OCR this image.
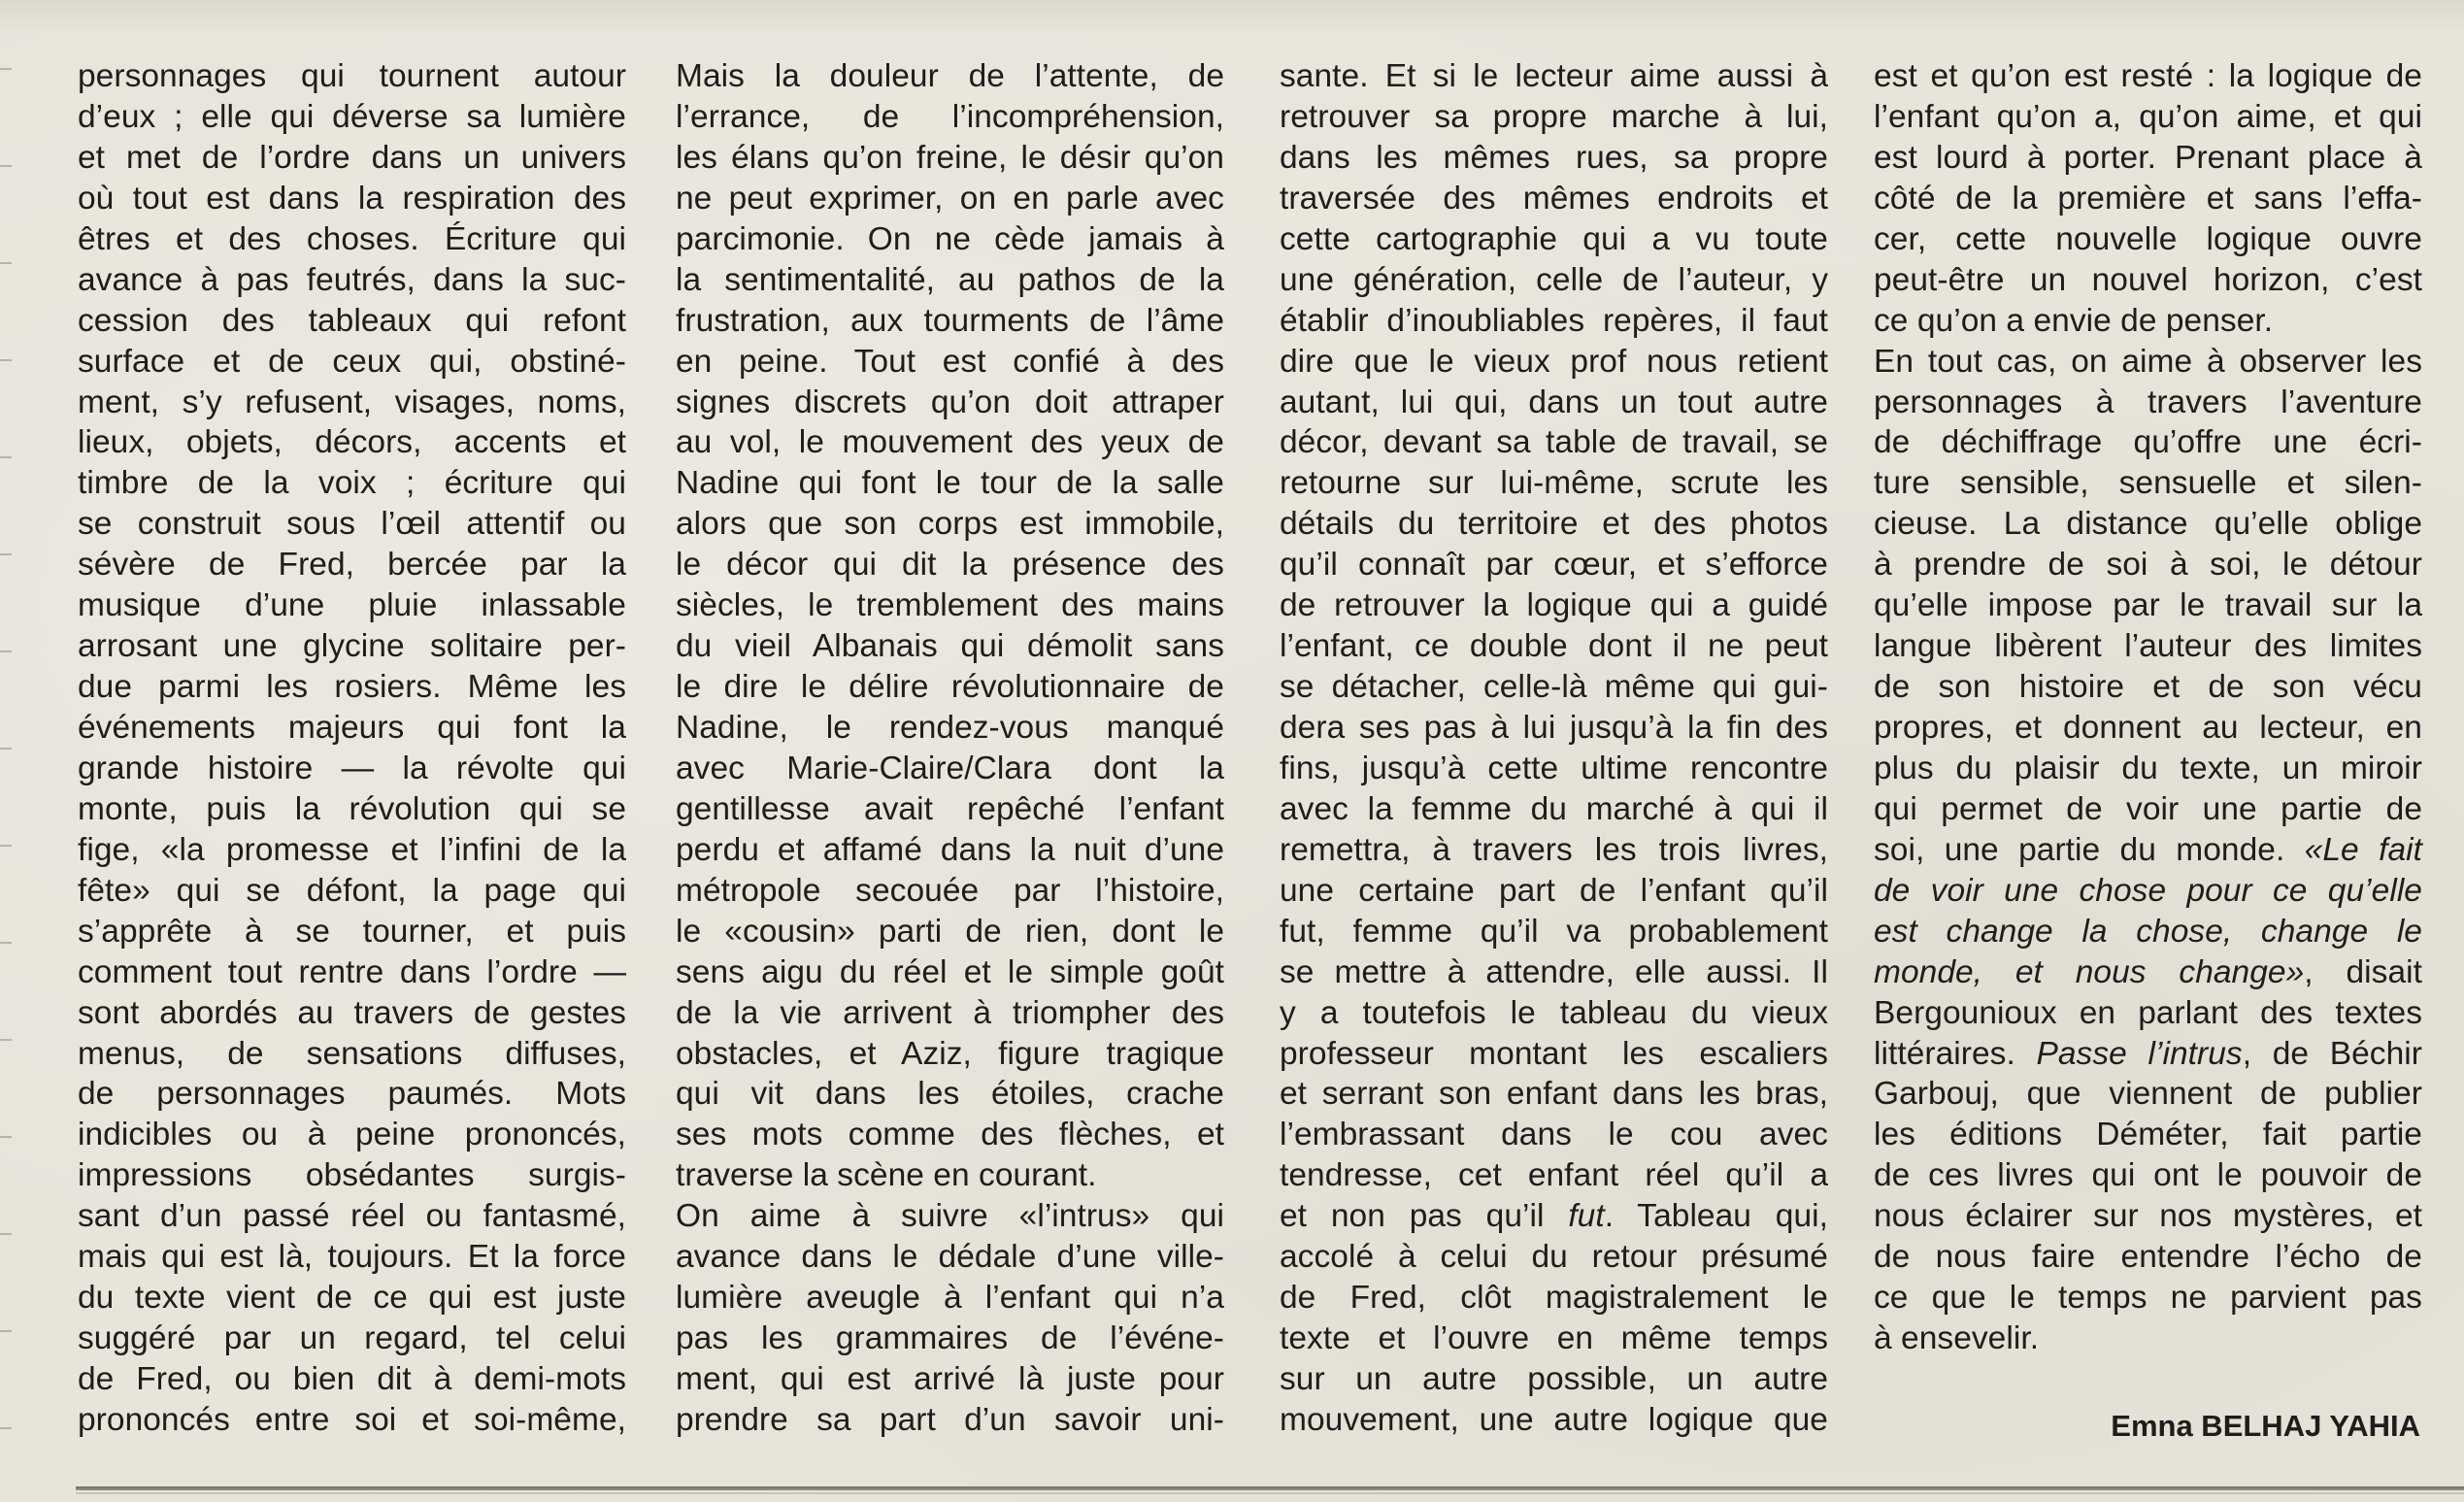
personnages qui tournent autour
d’eux ; elle qui déverse sa lumière
et met de l’ordre dans un univers
où tout est dans la respiration des
êtres et des choses. Écriture qui
avance à pas feutrés, dans la suc-
cession des tableaux qui refont
surface et de ceux qui, obstiné-
ment, s’y refusent, visages, noms,
lieux, objets, décors, accents et
timbre de la voix ; écriture qui
se construit sous l’œil attentif ou
sévère de Fred, bercée par la
musique d’une pluie inlassable
arrosant une glycine solitaire per-
due parmi les rosiers. Même les
événements majeurs qui font la
grande histoire — la révolte qui
monte, puis la révolution qui se
fige, «la promesse et l’infini de la
fête» qui se défont, la page qui
s’apprête à se tourner, et puis
comment tout rentre dans l’ordre —
sont abordés au travers de gestes
menus, de sensations diffuses,
de personnages paumés. Mots
indicibles ou à peine prononcés,
impressions obsédantes surgis-
sant d’un passé réel ou fantasmé,
mais qui est là, toujours. Et la force
du texte vient de ce qui est juste
suggéré par un regard, tel celui
de Fred, ou bien dit à demi-mots
prononcés entre soi et soi-même,
Mais la douleur de l’attente, de
l’errance, de l’incompréhension,
les élans qu’on freine, le désir qu’on
ne peut exprimer, on en parle avec
parcimonie. On ne cède jamais à
la sentimentalité, au pathos de la
frustration, aux tourments de l’âme
en peine. Tout est confié à des
signes discrets qu’on doit attraper
au vol, le mouvement des yeux de
Nadine qui font le tour de la salle
alors que son corps est immobile,
le décor qui dit la présence des
siècles, le tremblement des mains
du vieil Albanais qui démolit sans
le dire le délire révolutionnaire de
Nadine, le rendez-vous manqué
avec Marie-Claire/Clara dont la
gentillesse avait repêché l’enfant
perdu et affamé dans la nuit d’une
métropole secouée par l’histoire,
le «cousin» parti de rien, dont le
sens aigu du réel et le simple goût
de la vie arrivent à triompher des
obstacles, et Aziz, figure tragique
qui vit dans les étoiles, crache
ses mots comme des flèches, et
traverse la scène en courant.
On aime à suivre «l’intrus» qui
avance dans le dédale d’une ville-
lumière aveugle à l’enfant qui n’a
pas les grammaires de l’événe-
ment, qui est arrivé là juste pour
prendre sa part d’un savoir uni-
sante. Et si le lecteur aime aussi à
retrouver sa propre marche à lui,
dans les mêmes rues, sa propre
traversée des mêmes endroits et
cette cartographie qui a vu toute
une génération, celle de l’auteur, y
établir d’inoubliables repères, il faut
dire que le vieux prof nous retient
autant, lui qui, dans un tout autre
décor, devant sa table de travail, se
retourne sur lui-même, scrute les
détails du territoire et des photos
qu’il connaît par cœur, et s’efforce
de retrouver la logique qui a guidé
l’enfant, ce double dont il ne peut
se détacher, celle-là même qui gui-
dera ses pas à lui jusqu’à la fin des
fins, jusqu’à cette ultime rencontre
avec la femme du marché à qui il
remettra, à travers les trois livres,
une certaine part de l’enfant qu’il
fut, femme qu’il va probablement
se mettre à attendre, elle aussi. Il
y a toutefois le tableau du vieux
professeur montant les escaliers
et serrant son enfant dans les bras,
l’embrassant dans le cou avec
tendresse, cet enfant réel qu’il a
et non pas qu’il fut. Tableau qui,
accolé à celui du retour présumé
de Fred, clôt magistralement le
texte et l’ouvre en même temps
sur un autre possible, un autre
mouvement, une autre logique que
est et qu’on est resté : la logique de
l’enfant qu’on a, qu’on aime, et qui
est lourd à porter. Prenant place à
côté de la première et sans l’effa-
cer, cette nouvelle logique ouvre
peut-être un nouvel horizon, c’est
ce qu’on a envie de penser.
En tout cas, on aime à observer les
personnages à travers l’aventure
de déchiffrage qu’offre une écri-
ture sensible, sensuelle et silen-
cieuse. La distance qu’elle oblige
à prendre de soi à soi, le détour
qu’elle impose par le travail sur la
langue libèrent l’auteur des limites
de son histoire et de son vécu
propres, et donnent au lecteur, en
plus du plaisir du texte, un miroir
qui permet de voir une partie de
soi, une partie du monde. «Le fait
de voir une chose pour ce qu’elle
est change la chose, change le
monde, et nous change», disait
Bergounioux en parlant des textes
littéraires. Passe l’intrus, de Béchir
Garbouj, que viennent de publier
les éditions Déméter, fait partie
de ces livres qui ont le pouvoir de
nous éclairer sur nos mystères, et
de nous faire entendre l’écho de
ce que le temps ne parvient pas
à ensevelir.
Emna BELHAJ YAHIA
